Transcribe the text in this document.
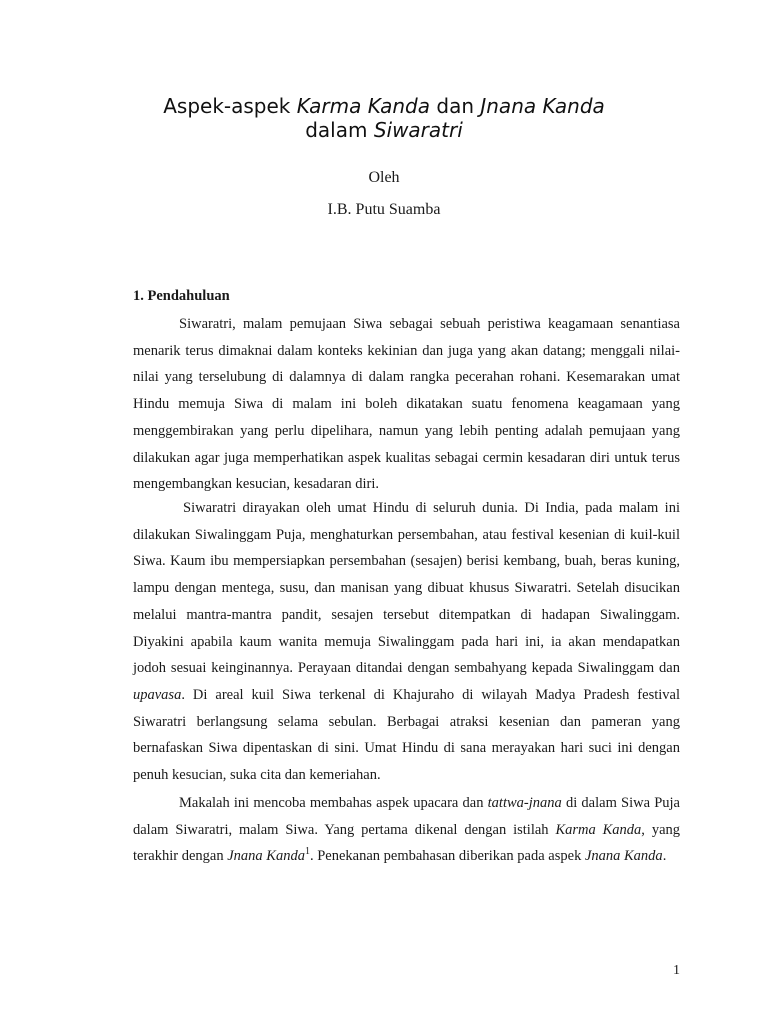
Aspek-aspek Karma Kanda dan Jnana Kanda
dalam Siwaratri
Oleh
I.B. Putu Suamba
1. Pendahuluan

Siwaratri, malam pemujaan Siwa sebagai sebuah peristiwa keagamaan senantiasa menarik terus dimaknai dalam konteks kekinian dan juga yang akan datang; menggali nilai-nilai yang terselubung di dalamnya di dalam rangka pecerahan rohani. Kesemarakan umat Hindu memuja Siwa di malam ini boleh dikatakan suatu fenomena keagamaan yang menggembirakan yang perlu dipelihara, namun yang lebih penting adalah pemujaan yang dilakukan agar juga memperhatikan aspek kualitas sebagai cermin kesadaran diri untuk terus mengembangkan kesucian, kesadaran diri.

Siwaratri dirayakan oleh umat Hindu di seluruh dunia. Di India, pada malam ini dilakukan Siwalinggam Puja, menghaturkan persembahan, atau festival kesenian di kuil-kuil Siwa. Kaum ibu mempersiapkan persembahan (sesajen) berisi kembang, buah, beras kuning, lampu dengan mentega, susu, dan manisan yang dibuat khusus Siwaratri. Setelah disucikan melalui mantra-mantra pandit, sesajen tersebut ditempatkan di hadapan Siwalinggam. Diyakini apabila kaum wanita memuja Siwalinggam pada hari ini, ia akan mendapatkan jodoh sesuai keinginannya. Perayaan ditandai dengan sembahyang kepada Siwalinggam dan upavasa. Di areal kuil Siwa terkenal di Khajuraho di wilayah Madya Pradesh festival Siwaratri berlangsung selama sebulan. Berbagai atraksi kesenian dan pameran yang bernafaskan Siwa dipentaskan di sini. Umat Hindu di sana merayakan hari suci ini dengan penuh kesucian, suka cita dan kemeriahan.

Makalah ini mencoba membahas aspek upacara dan tattwa-jnana di dalam Siwa Puja dalam Siwaratri, malam Siwa. Yang pertama dikenal dengan istilah Karma Kanda, yang terakhir dengan Jnana Kanda$^1$. Penekanan pembahasan diberikan pada aspek Jnana Kanda.

1
